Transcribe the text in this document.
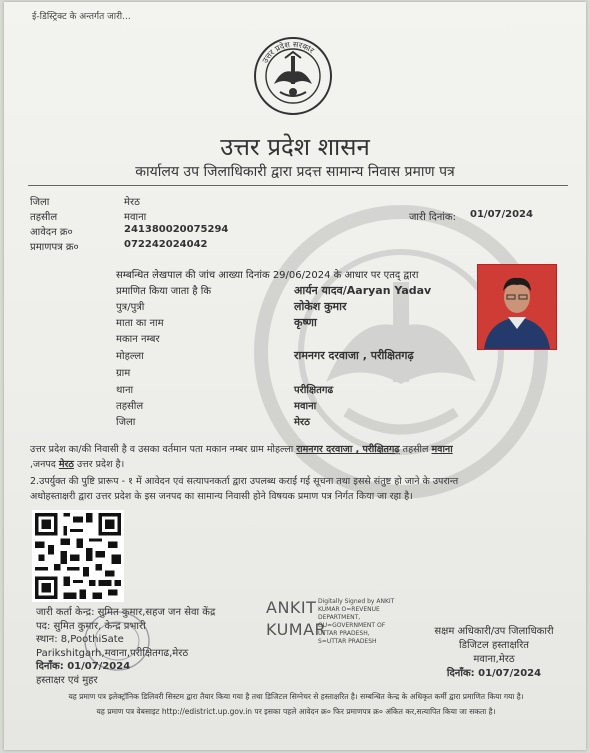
ई-डिस्ट्रिक्ट के अन्तर्गत जारी...
उत्तर प्रदेश सरकार
उत्तर प्रदेश शासन
कार्यालय उप जिलाधिकारी द्वारा प्रदत्त सामान्य निवास प्रमाण पत्र
जिला	मेरठ
तहसील	मवाना
आवेदन क्र०	241380020075294
प्रमाणपत्र क्र०	072242024042
जारी दिनांक: 01/07/2024
सम्बन्धित लेखपाल की जांच आख्या दिनांक 29/06/2024 के आधार पर एतद् द्वारा
प्रमाणित किया जाता है कि	आर्यन यादव/Aaryan Yadav
पुत्र/पुत्री	लोकेश कुमार
माता का नाम	कृष्णा
मकान नम्बर
मोहल्ला	रामनगर दरवाजा , परीक्षितगढ़
ग्राम
थाना	परीक्षितगढ
तहसील	मवाना
जिला	मेरठ
उत्तर प्रदेश का/की निवासी है व उसका वर्तमान पता मकान नम्बर ग्राम मोहल्ला रामनगर दरवाजा , परीक्षितगढ़ तहसील मवाना
,जनपद मेरठ उत्तर प्रदेश है।
2.उपर्युक्त की पुष्टि प्रारूप - १ में आवेदन एवं सत्यापनकर्ता द्वारा उपलब्ध कराई गई सूचना तथा इससे संतुष्ट हो जाने के उपरान्त
अधोहस्ताक्षरी द्वारा उत्तर प्रदेश के इस जनपद का सामान्य निवासी होने विषयक प्रमाण पत्र निर्गत किया जा रहा है।
जारी कर्ता केन्द्र: सुमित कुमार,सहज जन सेवा केंद्र
पद: सुमित कुमार, केन्द्र प्रभारी
स्थान: 8,PoothiSate
Parikshitgarh,मवाना,परीक्षितगढ,मेरठ
दिनाँक: 01/07/2024
हस्ताक्षर एवं मुहर
ANKIT
KUMAR
Digitally Signed by ANKIT
KUMAR O=REVENUE
DEPARTMENT,
OU=GOVERNMENT OF
UTTAR PRADESH,
S=UTTAR PRADESH
सक्षम अधिकारी/उप जिलाधिकारी
डिजिटल हस्ताक्षरित
मवाना,मेरठ
दिनाँक: 01/07/2024
यह प्रमाण पत्र इलेक्ट्रॉनिक डिलिवरी सिस्टम द्वारा तैयार किया गया है तथा डिजिटल सिग्नेचर से हस्ताक्षरित है। सम्बन्धित केन्द्र के अधिकृत कर्मी द्वारा प्रमाणित किया गया है।
यह प्रमाण पत्र वेबसाइट http://edistrict.up.gov.in पर इसका पहले आवेदन क्र० फिर प्रमाणपत्र क्र० अंकित कर,सत्यापित किया जा सकता है।
